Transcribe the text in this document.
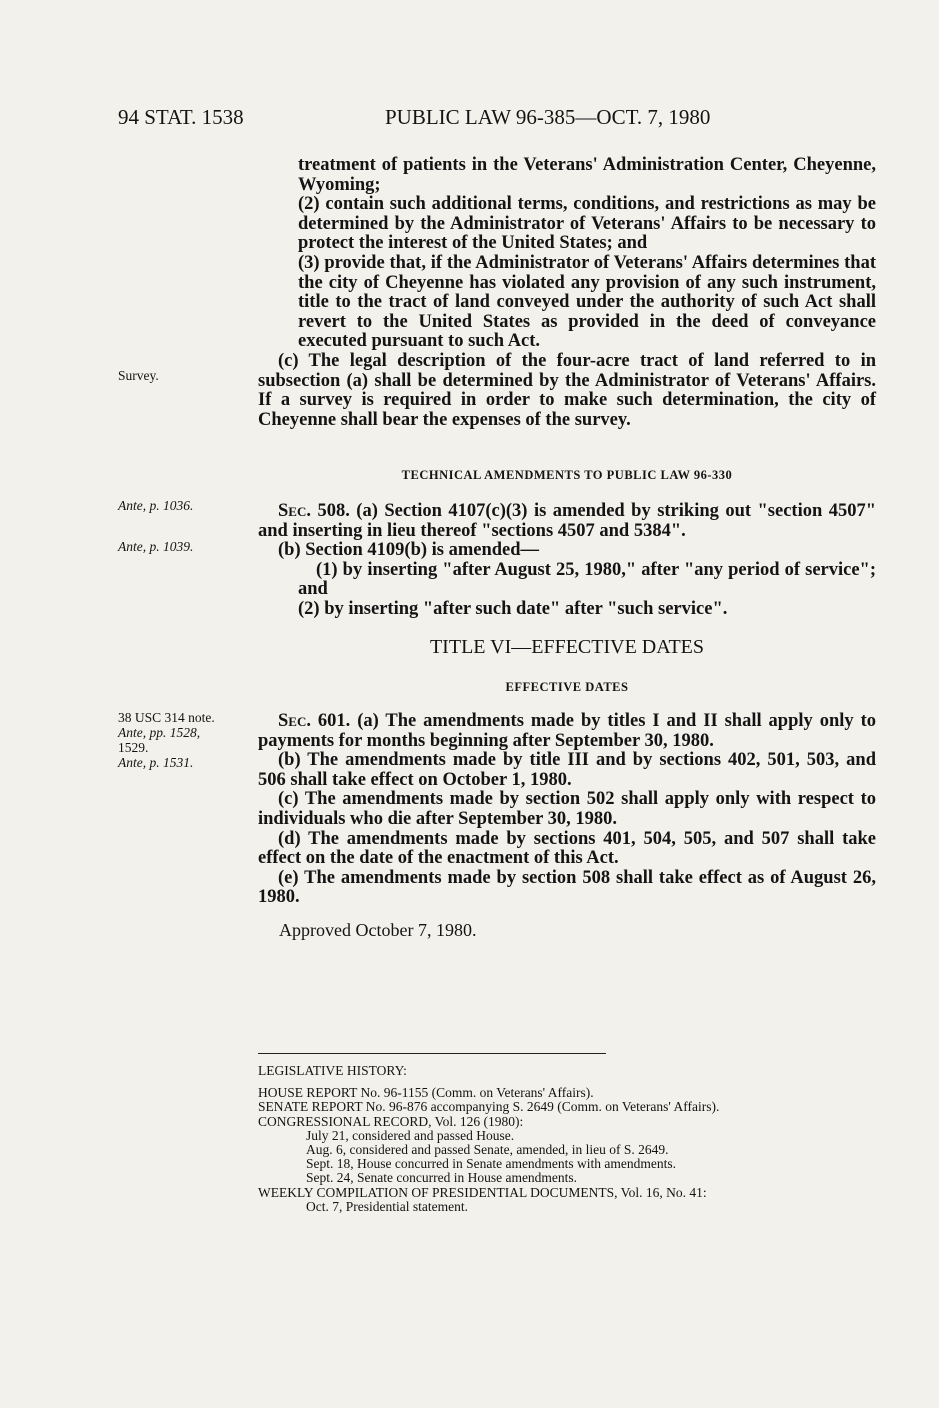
94 STAT. 1538	PUBLIC LAW 96-385—OCT. 7, 1980
Survey.
Ante, p. 1036.
Ante, p. 1039.
38 USC 314 note.
Ante, pp. 1528,
1529.
Ante, p. 1531.

treatment of patients in the Veterans' Administration Center, Cheyenne, Wyoming;

(2) contain such additional terms, conditions, and restrictions as may be determined by the Administrator of Veterans' Affairs to be necessary to protect the interest of the United States; and

(3) provide that, if the Administrator of Veterans' Affairs determines that the city of Cheyenne has violated any provision of any such instrument, title to the tract of land conveyed under the authority of such Act shall revert to the United States as provided in the deed of conveyance executed pursuant to such Act.

(c) The legal description of the four-acre tract of land referred to in subsection (a) shall be determined by the Administrator of Veterans' Affairs. If a survey is required in order to make such determination, the city of Cheyenne shall bear the expenses of the survey.

TECHNICAL AMENDMENTS TO PUBLIC LAW 96-330

Sec. 508. (a) Section 4107(c)(3) is amended by striking out "section 4507" and inserting in lieu thereof "sections 4507 and 5384".

(b) Section 4109(b) is amended—

(1) by inserting "after August 25, 1980," after "any period of service"; and

(2) by inserting "after such date" after "such service".

TITLE VI—EFFECTIVE DATES

EFFECTIVE DATES

Sec. 601. (a) The amendments made by titles I and II shall apply only to payments for months beginning after September 30, 1980.

(b) The amendments made by title III and by sections 402, 501, 503, and 506 shall take effect on October 1, 1980.

(c) The amendments made by section 502 shall apply only with respect to individuals who die after September 30, 1980.

(d) The amendments made by sections 401, 504, 505, and 507 shall take effect on the date of the enactment of this Act.

(e) The amendments made by section 508 shall take effect as of August 26, 1980.

Approved October 7, 1980.
LEGISLATIVE HISTORY:
HOUSE REPORT No. 96-1155 (Comm. on Veterans' Affairs).
SENATE REPORT No. 96-876 accompanying S. 2649 (Comm. on Veterans' Affairs).
CONGRESSIONAL RECORD, Vol. 126 (1980):
July 21, considered and passed House.
Aug. 6, considered and passed Senate, amended, in lieu of S. 2649.
Sept. 18, House concurred in Senate amendments with amendments.
Sept. 24, Senate concurred in House amendments.
WEEKLY COMPILATION OF PRESIDENTIAL DOCUMENTS, Vol. 16, No. 41:
Oct. 7, Presidential statement.
